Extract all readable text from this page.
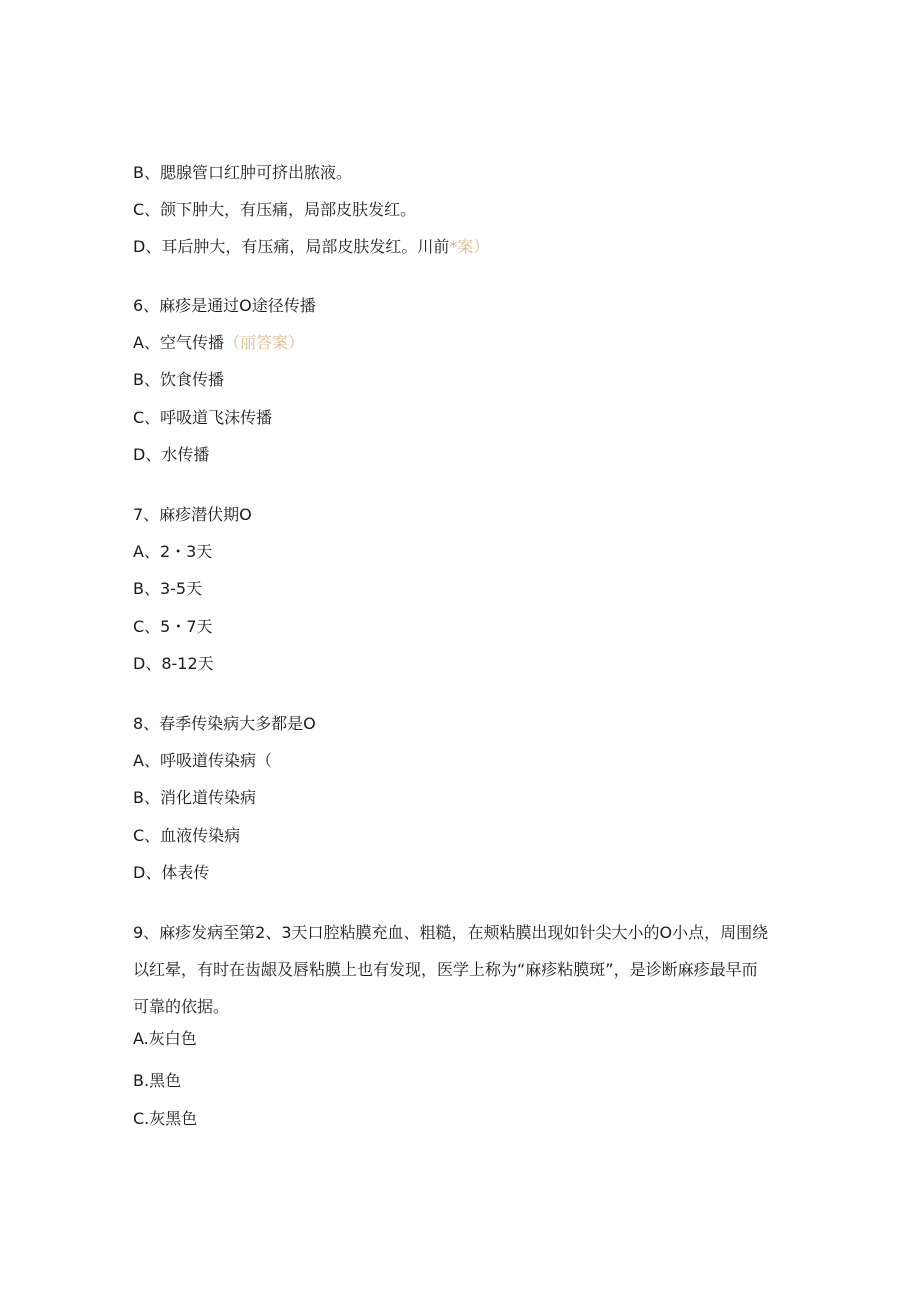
B、腮腺管口红肿可挤出脓液。
C、颌下肿大，有压痛，局部皮肤发红。
D、耳后肿大，有压痛，局部皮肤发红。川前*案）
6、麻疹是通过O途径传播
A、空气传播（丽答案）
B、饮食传播
C、呼吸道飞沫传播
D、水传播
7、麻疹潜伏期O
A、2・3天
B、3-5天
C、5・7天
D、8-12天
8、春季传染病大多都是O
A、呼吸道传染病（
B、消化道传染病
C、血液传染病
D、体表传
9、麻疹发病至第2、3天口腔粘膜充血、粗糙，在颊粘膜出现如针尖大小的O小点，周围绕以红晕，有时在齿龈及唇粘膜上也有发现，医学上称为“麻疹粘膜斑”，是诊断麻疹最早而可靠的依据。
A.灰白色
B.黑色
C.灰黑色
